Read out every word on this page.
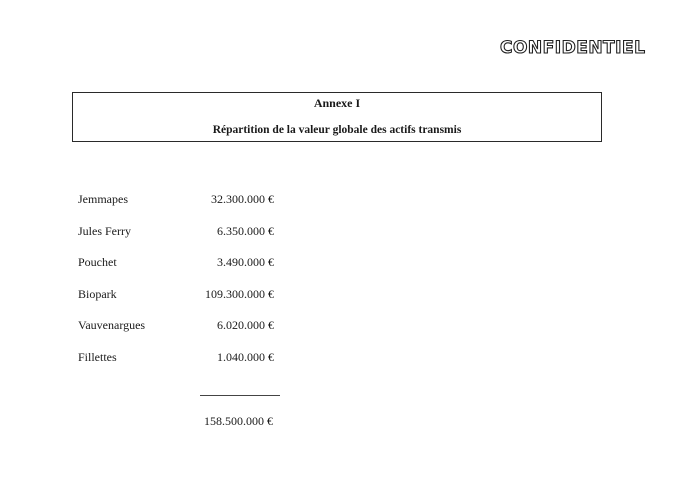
CONFIDENTIEL
Annexe I
Répartition de la valeur globale des actifs transmis
Jemmapes	32.300.000 €
Jules Ferry	6.350.000 €
Pouchet	3.490.000 €
Biopark	109.300.000 €
Vauvenargues	6.020.000 €
Fillettes	1.040.000 €
158.500.000 €
